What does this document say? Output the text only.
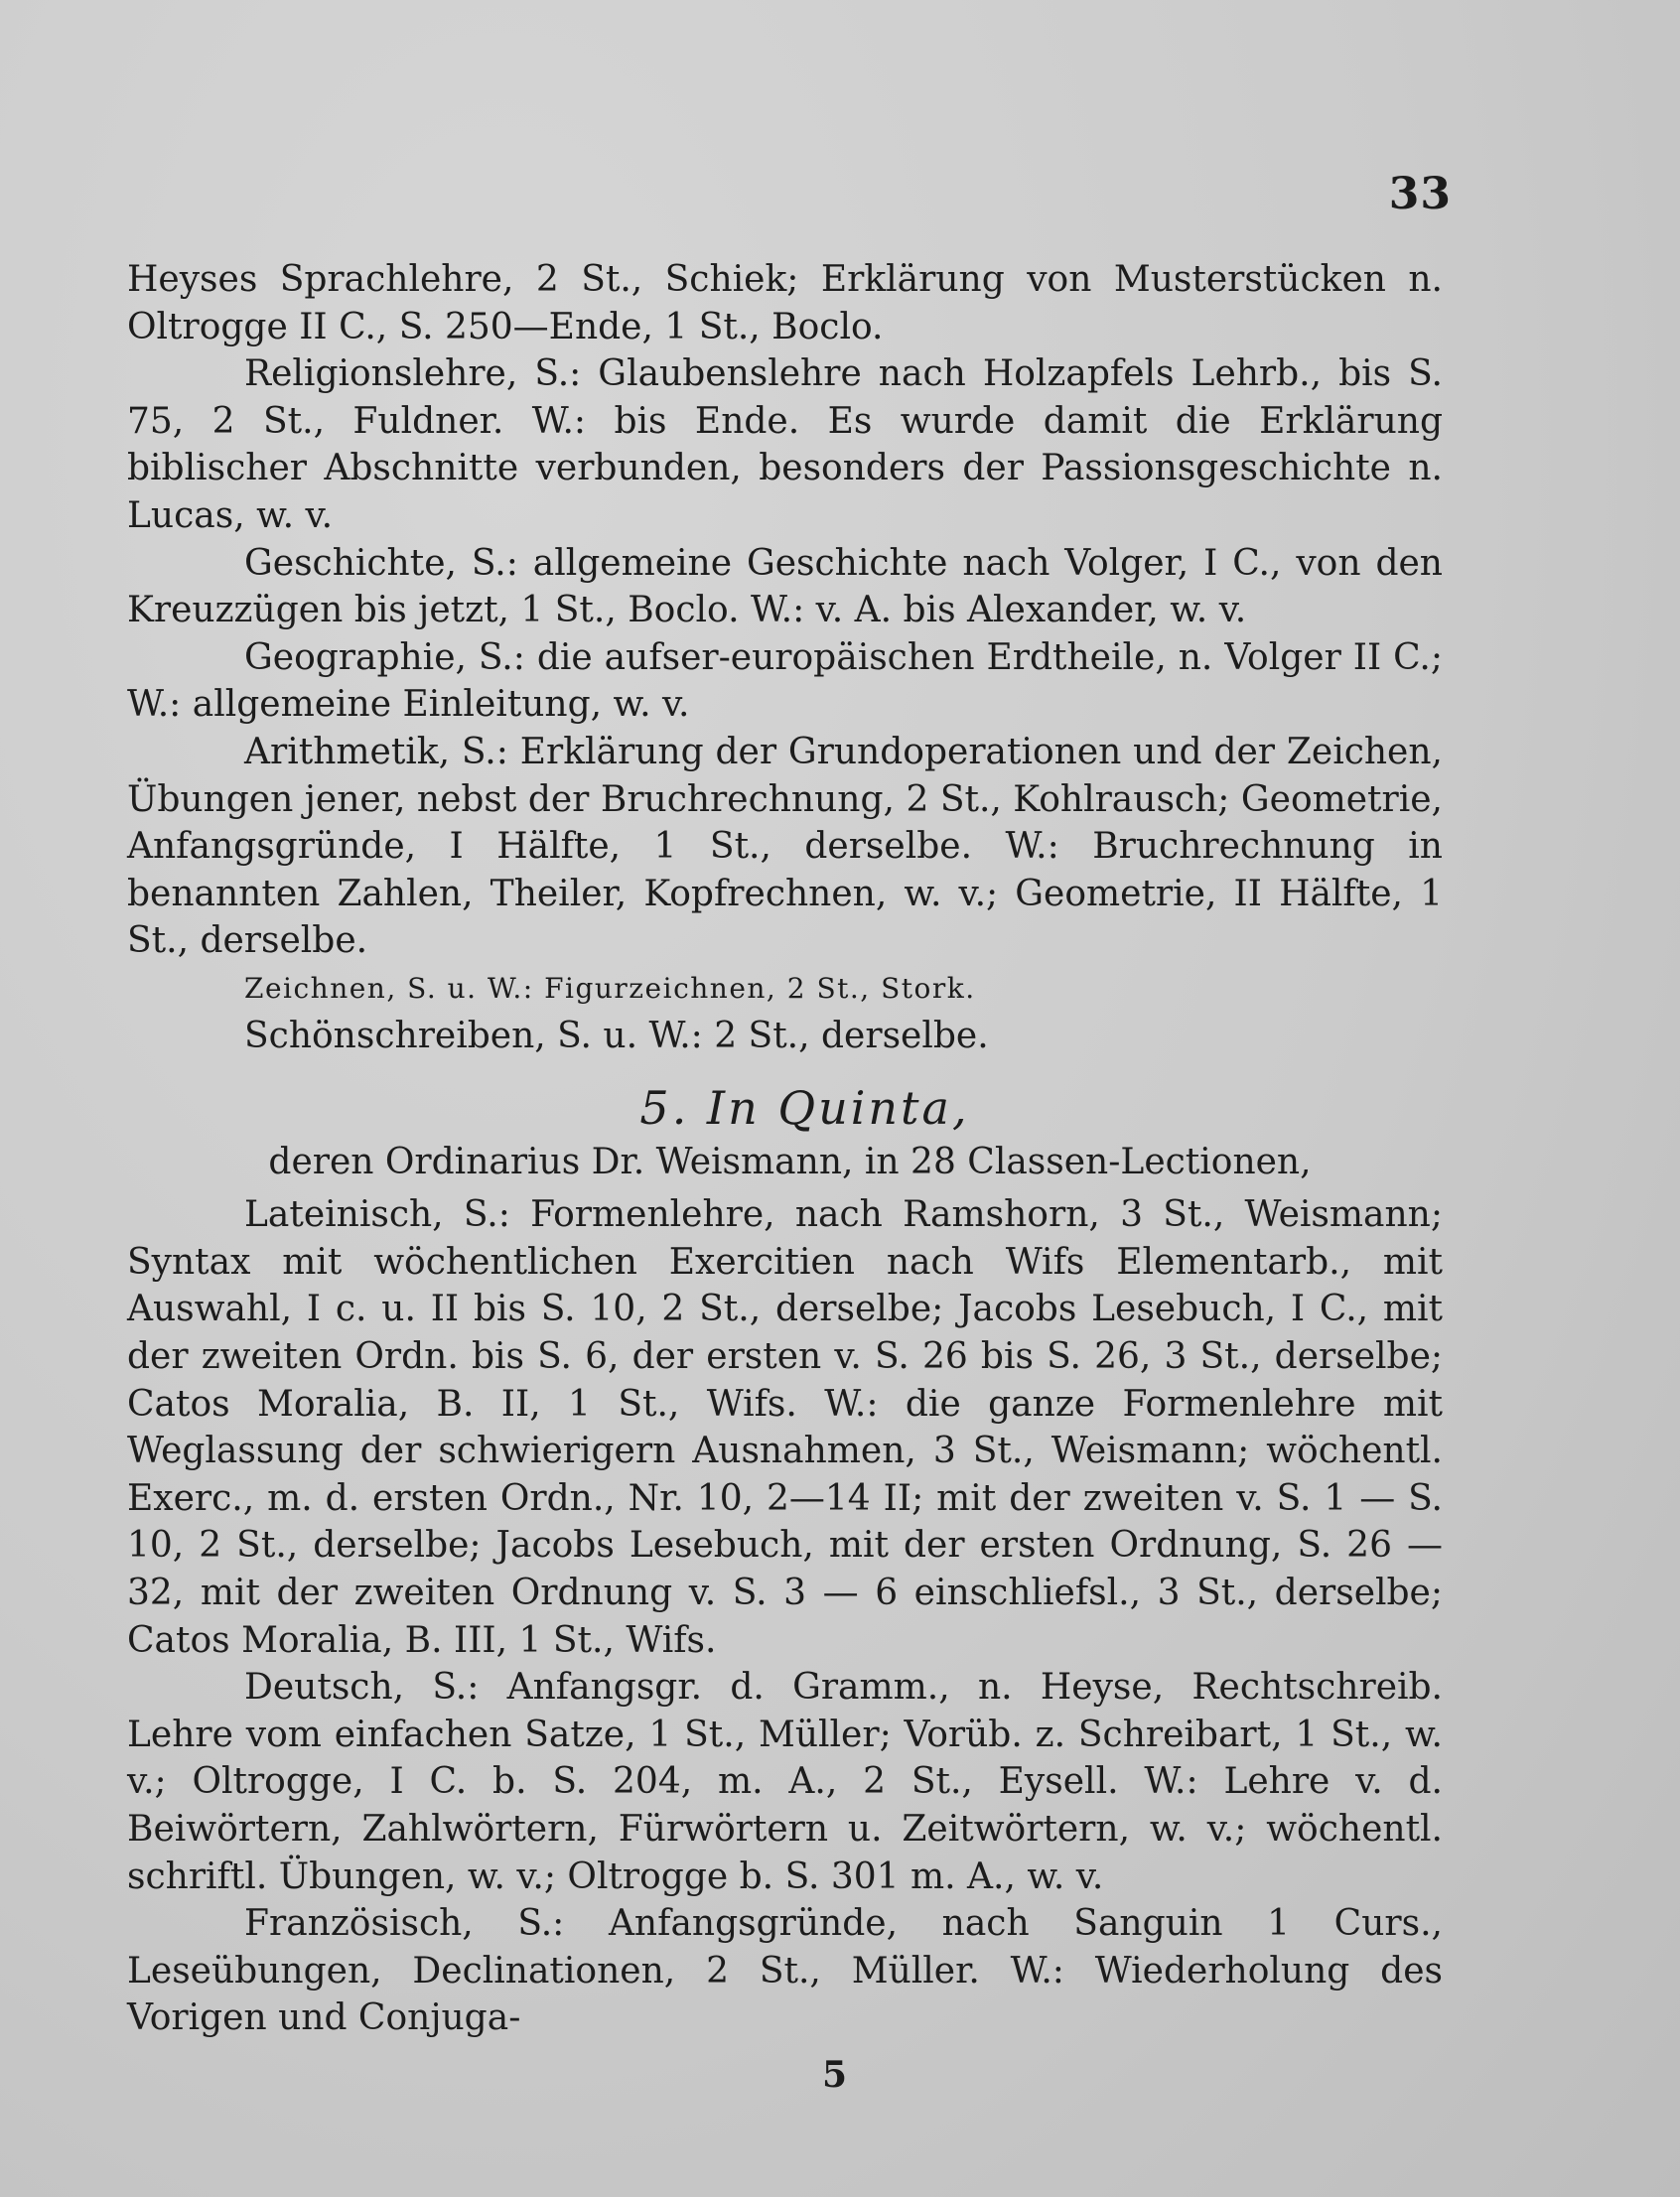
33

Heyses Sprachlehre, 2 St., Schiek; Erklärung von Musterstücken n. Oltrogge II C., S. 250—Ende, 1 St., Boclo.

Religionslehre, S.: Glaubenslehre nach Holzapfels Lehrb., bis S. 75, 2 St., Fuldner. W.: bis Ende. Es wurde damit die Erklärung biblischer Abschnitte verbunden, besonders der Passionsgeschichte n. Lucas, w. v.

Geschichte, S.: allgemeine Geschichte nach Volger, I C., von den Kreuzzügen bis jetzt, 1 St., Boclo. W.: v. A. bis Alexander, w. v.

Geographie, S.: die aufser-europäischen Erdtheile, n. Volger II C.; W.: allgemeine Einleitung, w. v.

Arithmetik, S.: Erklärung der Grundoperationen und der Zeichen, Übungen jener, nebst der Bruchrechnung, 2 St., Kohlrausch; Geometrie, Anfangsgründe, I Hälfte, 1 St., derselbe. W.: Bruchrechnung in benannten Zahlen, Theiler, Kopfrechnen, w. v.; Geometrie, II Hälfte, 1 St., derselbe.

Zeichnen, S. u. W.: Figurzeichnen, 2 St., Stork.

Schönschreiben, S. u. W.: 2 St., derselbe.

5. In Quinta,
deren Ordinarius Dr. Weismann, in 28 Classen-Lectionen,

Lateinisch, S.: Formenlehre, nach Ramshorn, 3 St., Weismann; Syntax mit wöchentlichen Exercitien nach Wifs Elementarb., mit Auswahl, I c. u. II bis S. 10, 2 St., derselbe; Jacobs Lesebuch, I C., mit der zweiten Ordn. bis S. 6, der ersten v. S. 26 bis S. 26, 3 St., derselbe; Catos Moralia, B. II, 1 St., Wifs. W.: die ganze Formenlehre mit Weglassung der schwierigern Ausnahmen, 3 St., Weismann; wöchentl. Exerc., m. d. ersten Ordn., Nr. 10, 2—14 II; mit der zweiten v. S. 1 — S. 10, 2 St., derselbe; Jacobs Lesebuch, mit der ersten Ordnung, S. 26 — 32, mit der zweiten Ordnung v. S. 3 — 6 einschliefsl., 3 St., derselbe; Catos Moralia, B. III, 1 St., Wifs.

Deutsch, S.: Anfangsgr. d. Gramm., n. Heyse, Rechtschreib. Lehre vom einfachen Satze, 1 St., Müller; Vorüb. z. Schreibart, 1 St., w. v.; Oltrogge, I C. b. S. 204, m. A., 2 St., Eysell. W.: Lehre v. d. Beiwörtern, Zahlwörtern, Fürwörtern u. Zeitwörtern, w. v.; wöchentl. schriftl. Übungen, w. v.; Oltrogge b. S. 301 m. A., w. v.

Französisch, S.: Anfangsgründe, nach Sanguin 1 Curs., Leseübungen, Declinationen, 2 St., Müller. W.: Wiederholung des Vorigen und Conjuga-

5
